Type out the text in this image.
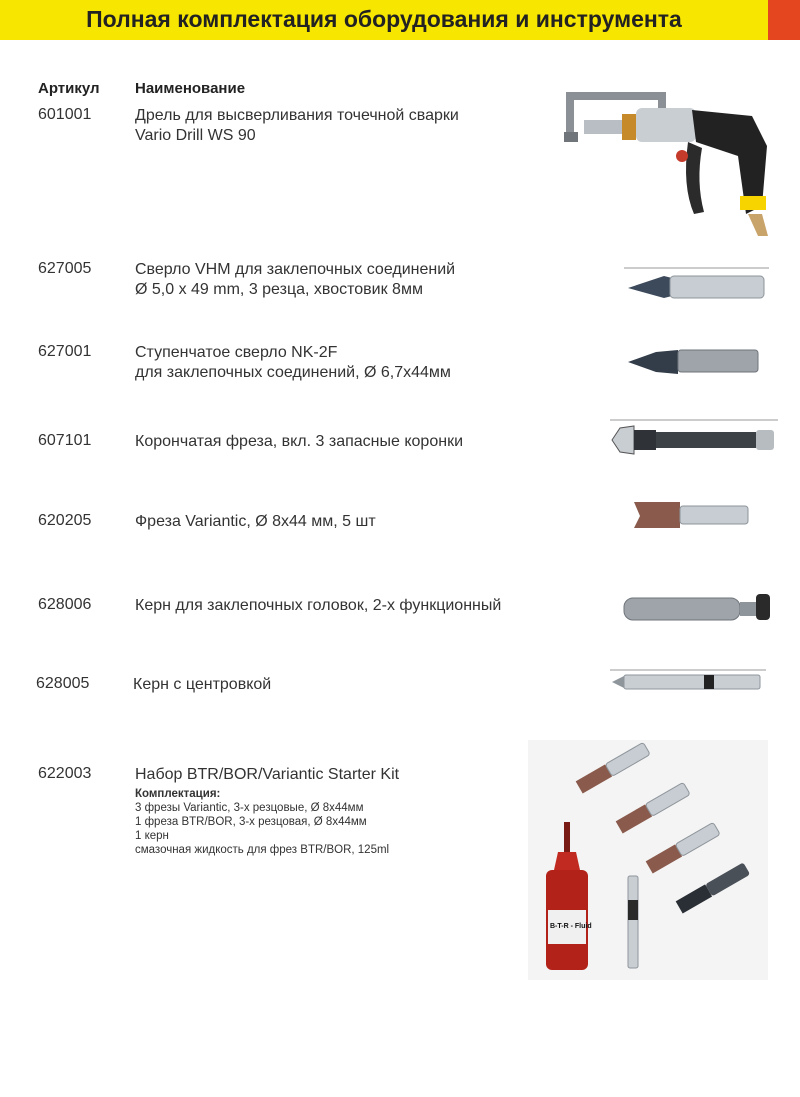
Полная комплектация оборудования и инструмента
Артикул Наименование
601001	Дрель для высверливания точечной сварки
Vario Drill WS 90
627005	Сверло VHM для заклепочных соединений
Ø 5,0 x 49 mm, 3 резца, хвостовик 8мм
627001	Ступенчатое сверло NK-2F
для заклепочных соединений, Ø 6,7x44мм
607101	Корончатая фреза, вкл. 3 запасные коронки
620205	Фреза Variantic, Ø 8x44 мм, 5 шт
628006	Керн для заклепочных головок, 2-х функционный
628005	Керн с центровкой
622003	Набор BTR/BOR/Variantic Starter Kit
Комплектация:
3 фрезы Variantic, 3-х резцовые, Ø 8x44мм
1 фреза BTR/BOR, 3-х резцовая, Ø 8x44мм
1 керн
смазочная жидкость для фрез BTR/BOR, 125ml
B-T-R - Fluid
